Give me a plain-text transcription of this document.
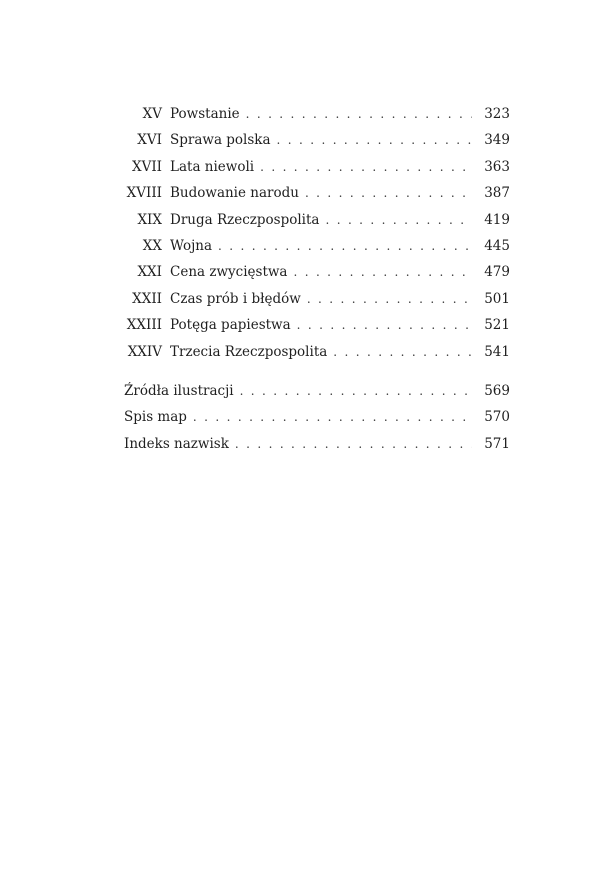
XV Powstanie . . .	323
XVI Sprawa polska . . .	349
XVII Lata niewoli . . .	363
XVIII Budowanie narodu . . .	387
XIX Druga Rzeczpospolita . . .	419
XX Wojna . . .	445
XXI Cena zwycięstwa . . .	479
XXII Czas prób i błędów . . .	501
XXIII Potęga papiestwa . . .	521
XXIV Trzecia Rzeczpospolita . . .	541
Źródła ilustracji . . .	569
Spis map . . .	570
Indeks nazwisk . . .	571
